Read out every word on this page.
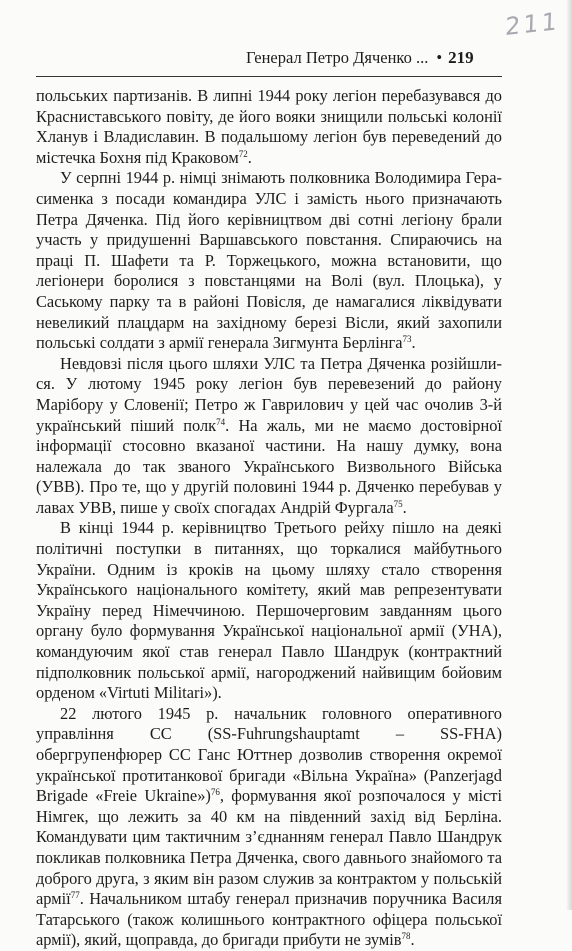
211
Генерал Петро Дяченко ... • 219

польських партизанів. В липні 1944 року легіон перебазувався до Красниставського повіту, де його вояки знищили польські колонії Хланув і Владиславин. В подальшому легіон був переведений до містечка Бохня під Краковом$^{72}$.

У серпні 1944 р. німці знімають полковника Володимира Герасименка з посади командира УЛС і замість нього призначають Петра Дяченка. Під його керівництвом дві сотні легіону брали участь у придушенні Варшавського повстання. Спираючись на праці П. Шафети та Р. Торжецького, можна встановити, що легіонери боролися з повстанцями на Волі (вул. Плоцька), у Саському парку та в районі Повісля, де намагалися ліквідувати невеликий плацдарм на західному березі Вісли, який захопили польські солдати з армії генерала Зигмунта Берлінга$^{73}$.

Невдовзі після цього шляхи УЛС та Петра Дяченка розійшлися. У лютому 1945 року легіон був перевезений до району Марібору у Словенії; Петро ж Гаврилович у цей час очолив 3-й український піший полк$^{74}$. На жаль, ми не маємо достовірної інформації стосовно вказаної частини. На нашу думку, вона належала до так званого Українського Визвольного Війська (УВВ). Про те, що у другій половині 1944 р. Дяченко перебував у лавах УВВ, пише у своїх спогадах Андрій Фургала$^{75}$.

В кінці 1944 р. керівництво Третього рейху пішло на деякі політичні поступки в питаннях, що торкалися майбутнього України. Одним із кроків на цьому шляху стало створення Українського національного комітету, який мав репрезентувати Україну перед Німеччиною. Першочерговим завданням цього органу було формування Української національної армії (УНА), командуючим якої став генерал Павло Шандрук (контрактний підполковник польської армії, нагороджений найвищим бойовим орденом «Virtuti Militari»).

22 лютого 1945 р. начальник головного оперативного управління СС (SS-Fuhrungshauptamt – SS-FHA) обергрупенфюрер СС Ганс Юттнер дозволив створення окремої української протитанкової бригади «Вільна Україна» (Panzerjagd Brigade «Freie Ukraine»)$^{76}$, формування якої розпочалося у місті Німгек, що лежить за 40 км на південний захід від Берліна. Командувати цим тактичним з’єднанням генерал Павло Шандрук покликав полковника Петра Дяченка, свого давнього знайомого та доброго друга, з яким він разом служив за контрактом у польській армії$^{77}$. Начальником штабу генерал призначив поручника Василя Татарського (також колишнього контрактного офіцера польської армії), який, щоправда, до бригади прибути не зумів$^{78}$.
